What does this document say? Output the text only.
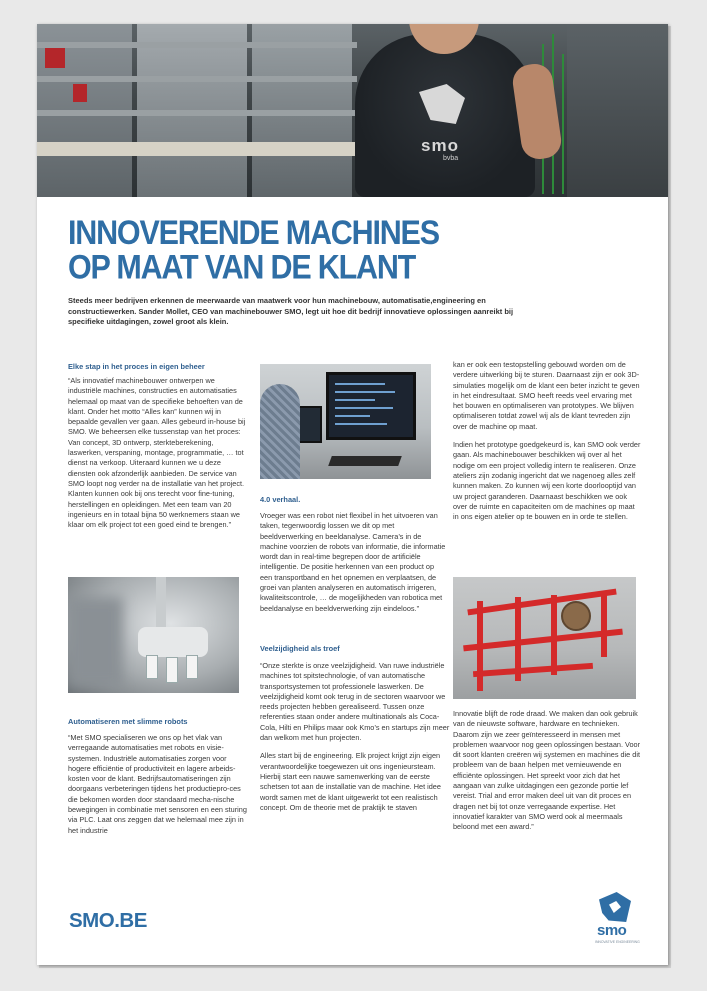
smo
bvba
INNOVERENDE MACHINES
OP MAAT VAN DE KLANT

Steeds meer bedrijven erkennen de meerwaarde van maatwerk voor hun machinebouw, automatisatie,engineering en constructiewerken. Sander Mollet, CEO van machinebouwer SMO, legt uit hoe dit bedrijf innovatieve oplossingen aanreikt bij specifieke uitdagingen, zowel groot als klein.

Elke stap in het proces in eigen beheer

“Als innovatief machinebouwer ontwerpen we industriële machines, constructies en automatisaties helemaal op maat van de specifieke behoeften van de klant. Onder het motto “Alles kan” kunnen wij in bepaalde gevallen ver gaan. Alles gebeurd in-house bij SMO. We beheersen elke tussenstap van het proces: Van concept, 3D ontwerp, sterkteberekening, laswerken, verspaning, montage, programmatie, … tot dienst na verkoop. Uiteraard kunnen we u deze diensten ook afzonderlijk aanbieden. De service van SMO loopt nog verder na de installatie van het project. Klanten kunnen ook bij ons terecht voor fine-tuning, herstellingen en opleidingen. Met een team van 20 ingenieurs en in totaal bijna 50 werknemers staan we klaar om elk project tot een goed eind te brengen.”

Automatiseren met slimme robots

“Met SMO specialiseren we ons op het vlak van verregaande automatisaties met robots en visie-systemen. Industriële automatisaties zorgen voor hogere efficiëntie of productiviteit en lagere arbeids-kosten voor de klant. Bedrijfsautomatiseringen zijn doorgaans verbeteringen tijdens het productiepro-ces die bekomen worden door standaard mecha-nische bewegingen in combinatie met sensoren en een sturing via PLC. Laat ons zeggen dat we helemaal mee zijn in het industrie

4.0 verhaal.

Vroeger was een robot niet flexibel in het uitvoeren van taken, tegenwoordig lossen we dit op met beeldverwerking en beeldanalyse. Camera’s in de machine voorzien de robots van informatie, die informatie wordt dan in real-time begrepen door de artificiële intelligentie. De positie herkennen van een product op een transportband en het opnemen en verplaatsen, de groei van planten analyseren en automatisch irrigeren, kwaliteitscontrole, … de mogelijkheden van robotica met beeldanalyse en beeldverwerking zijn eindeloos.”

Veelzijdigheid als troef

“Onze sterkte is onze veelzijdigheid. Van ruwe industriële machines tot spitstechnologie, of van automatische transportsystemen tot professionele laswerken. De veelzijdigheid komt ook terug in de sectoren waarvoor we reeds projecten hebben gerealiseerd. Tussen onze referenties staan onder andere multinationals als Coca-Cola, Hilti en Philips maar ook Kmo’s en startups zijn meer dan welkom met hun projecten.

Alles start bij de engineering. Elk project krijgt zijn eigen verantwoordelijke toegewezen uit ons ingenieursteam. Hierbij start een nauwe samenwerking van de eerste schetsen tot aan de installatie van de machine. Het idee wordt samen met de klant uitgewerkt tot een realistisch concept. Om de theorie met de praktijk te staven

kan er ook een testopstelling gebouwd worden om de verdere uitwerking bij te sturen. Daarnaast zijn er ook 3D-simulaties mogelijk om de klant een beter inzicht te geven in het eindresultaat. SMO heeft reeds veel ervaring met het bouwen en optimaliseren van prototypes. We blijven optimaliseren totdat zowel wij als de klant tevreden zijn over de machine op maat.

Indien het prototype goedgekeurd is, kan SMO ook verder gaan. Als machinebouwer beschikken wij over al het nodige om een project volledig intern te realiseren. Onze ateliers zijn zodanig ingericht dat we nagenoeg alles zelf kunnen maken. Zo kunnen wij een korte doorlooptijd van uw project garanderen. Daarnaast beschikken we ook over de ruimte en capaciteiten om de machines op maat in ons eigen atelier op te bouwen en in orde te stellen.

Innovatie blijft de rode draad. We maken dan ook gebruik van de nieuwste software, hardware en technieken. Daarom zijn we zeer geïnteresseerd in mensen met problemen waarvoor nog geen oplossingen bestaan. Voor dit soort klanten creëren wij systemen en machines die dit probleem van de baan helpen met vernieuwende en efficiënte oplossingen. Het spreekt voor zich dat het aangaan van zulke uitdagingen een gezonde portie lef vereist. Trial and error maken deel uit van dit proces en dragen net bij tot onze verregaande expertise. Het innovatief karakter van SMO werd ook al meermaals beloond met een award.”

SMO.BE	smo
INNOVATIVE ENGINEERING
